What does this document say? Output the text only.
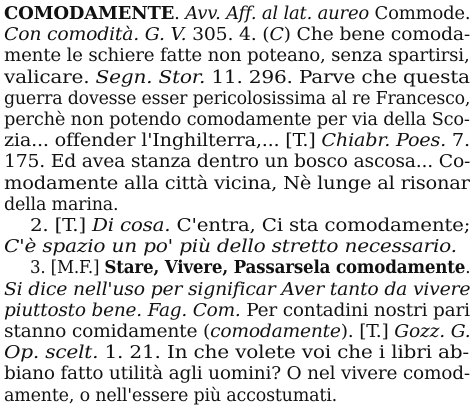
COMODAMENTE. Avv. Aff. al lat. aureo Commode.
Con comodità. G. V. 305. 4. (C) Che bene comoda-
mente le schiere fatte non poteano, senza spartirsi,
valicare. Segn. Stor. 11. 296. Parve che questa
guerra dovesse esser pericolosissima al re Francesco,
perchè non potendo comodamente per via della Sco-
zia... offender l'Inghilterra,... [T.] Chiabr. Poes. 7.
175. Ed avea stanza dentro un bosco ascosa... Co-
modamente alla città vicina, Nè lunge al risonar
della marina.
2. [T.] Di cosa. C'entra, Ci sta comodamente;
C'è spazio un po' più dello stretto necessario.
3. [M.F.] Stare, Vivere, Passarsela comodamente.
Si dice nell'uso per significar Aver tanto da vivere
piuttosto bene. Fag. Com. Per contadini nostri pari
stanno comidamente (comodamente). [T.] Gozz. G.
Op. scelt. 1. 21. In che volete voi che i libri ab-
biano fatto utilità agli uomini? O nel vivere comod-
amente, o nell'essere più accostumati.
